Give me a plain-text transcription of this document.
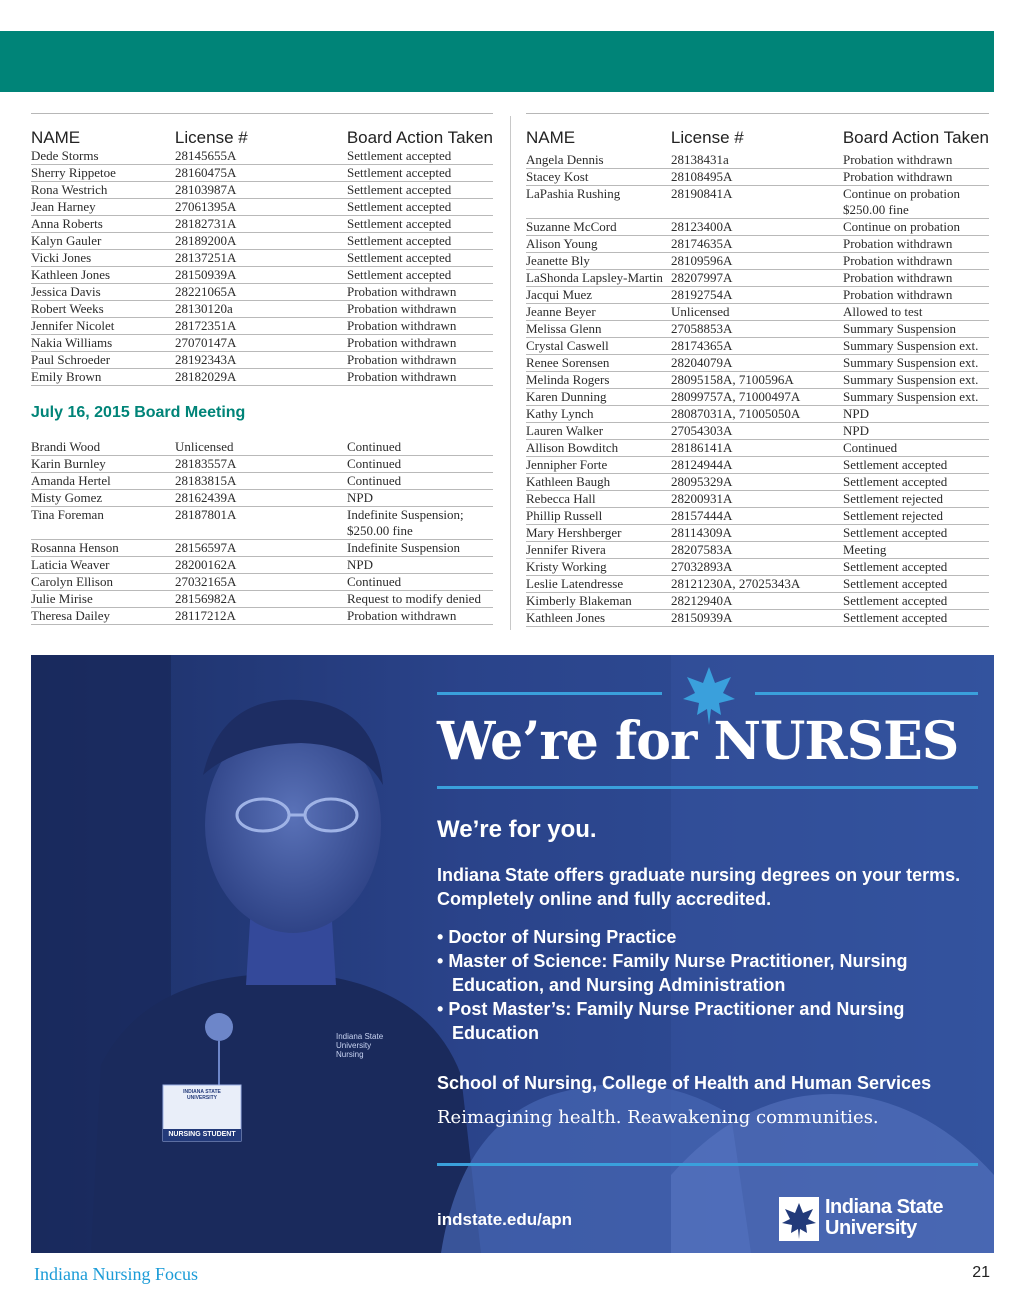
NAME	License #	Board Action Taken
Dede Storms	28145655A	Settlement accepted
Sherry Rippetoe	28160475A	Settlement accepted
Rona Westrich	28103987A	Settlement accepted
Jean Harney	27061395A	Settlement accepted
Anna Roberts	28182731A	Settlement accepted
Kalyn Gauler	28189200A	Settlement accepted
Vicki Jones	28137251A	Settlement accepted
Kathleen Jones	28150939A	Settlement accepted
Jessica Davis	28221065A	Probation withdrawn
Robert Weeks	28130120a	Probation withdrawn
Jennifer Nicolet	28172351A	Probation withdrawn
Nakia Williams	27070147A	Probation withdrawn
Paul Schroeder	28192343A	Probation withdrawn
Emily Brown	28182029A	Probation withdrawn
July 16, 2015 Board Meeting
Brandi Wood	Unlicensed	Continued
Karin Burnley	28183557A	Continued
Amanda Hertel	28183815A	Continued
Misty Gomez	28162439A	NPD
Tina Foreman	28187801A	Indefinite Suspension;
$250.00 fine
Rosanna Henson	28156597A	Indefinite Suspension
Laticia Weaver	28200162A	NPD
Carolyn Ellison	27032165A	Continued
Julie Mirise	28156982A	Request to modify denied
Theresa Dailey	28117212A	Probation withdrawn
NAME	License #	Board Action Taken
Angela Dennis	28138431a	Probation withdrawn
Stacey Kost	28108495A	Probation withdrawn
LaPashia Rushing	28190841A	Continue on probation
$250.00 fine
Suzanne McCord	28123400A	Continue on probation
Alison Young	28174635A	Probation withdrawn
Jeanette Bly	28109596A	Probation withdrawn
LaShonda Lapsley-Martin 28207997A	Probation withdrawn
Jacqui Muez	28192754A	Probation withdrawn
Jeanne Beyer	Unlicensed	Allowed to test
Melissa Glenn	27058853A	Summary Suspension
Crystal Caswell	28174365A	Summary Suspension ext.
Renee Sorensen	28204079A	Summary Suspension ext.
Melinda Rogers	28095158A, 7100596A	Summary Suspension ext.
Karen Dunning	28099757A, 71000497A	Summary Suspension ext.
Kathy Lynch	28087031A, 71005050A	NPD
Lauren Walker	27054303A	NPD
Allison Bowditch	28186141A	Continued
Jennipher Forte	28124944A	Settlement accepted
Kathleen Baugh	28095329A	Settlement accepted
Rebecca Hall	28200931A	Settlement rejected
Phillip Russell	28157444A	Settlement rejected
Mary Hershberger	28114309A	Settlement accepted
Jennifer Rivera	28207583A	Meeting
Kristy Working	27032893A	Settlement accepted
Leslie Latendresse	28121230A, 27025343A	Settlement accepted
Kimberly Blakeman	28212940A	Settlement accepted
Kathleen Jones	28150939A	Settlement accepted
INDIANA STATE
UNIVERSITY
NURSING STUDENT
Indiana State
University
Nursing
We’re for NURSES
We’re for you.
Indiana State offers graduate nursing degrees on your terms. Completely online and fully accredited.
• Doctor of Nursing Practice
• Master of Science: Family Nurse Practitioner, Nursing Education, and Nursing Administration
• Post Master’s: Family Nurse Practitioner and Nursing Education
School of Nursing, College of Health and Human Services
Reimagining health. Reawakening communities.
indstate.edu/apn
Indiana State
University
Indiana Nursing Focus	21
